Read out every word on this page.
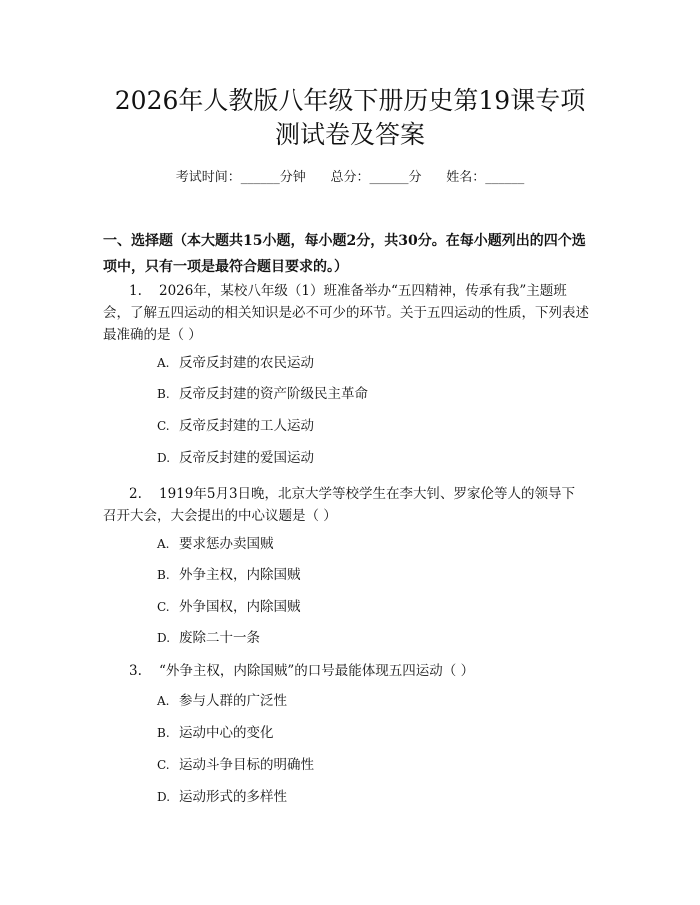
2026年人教版八年级下册历史第19课专项
测试卷及答案
考试时间：______分钟      总分：______分      姓名：______
一、选择题（本大题共15小题，每小题2分，共30分。在每小题列出的四个选
项中，只有一项是最符合题目要求的。）
1. 2026年，某校八年级（1）班准备举办“五四精神，传承有我”主题班
会，了解五四运动的相关知识是必不可少的环节。关于五四运动的性质，下列表述
最准确的是（ ）
A. 反帝反封建的农民运动
B. 反帝反封建的资产阶级民主革命
C. 反帝反封建的工人运动
D. 反帝反封建的爱国运动
2. 1919年5月3日晚，北京大学等校学生在李大钊、罗家伦等人的领导下
召开大会，大会提出的中心议题是（ ）
A. 要求惩办卖国贼
B. 外争主权，内除国贼
C. 外争国权，内除国贼
D. 废除二十一条
3. “外争主权，内除国贼”的口号最能体现五四运动（ ）
A. 参与人群的广泛性
B. 运动中心的变化
C. 运动斗争目标的明确性
D. 运动形式的多样性
